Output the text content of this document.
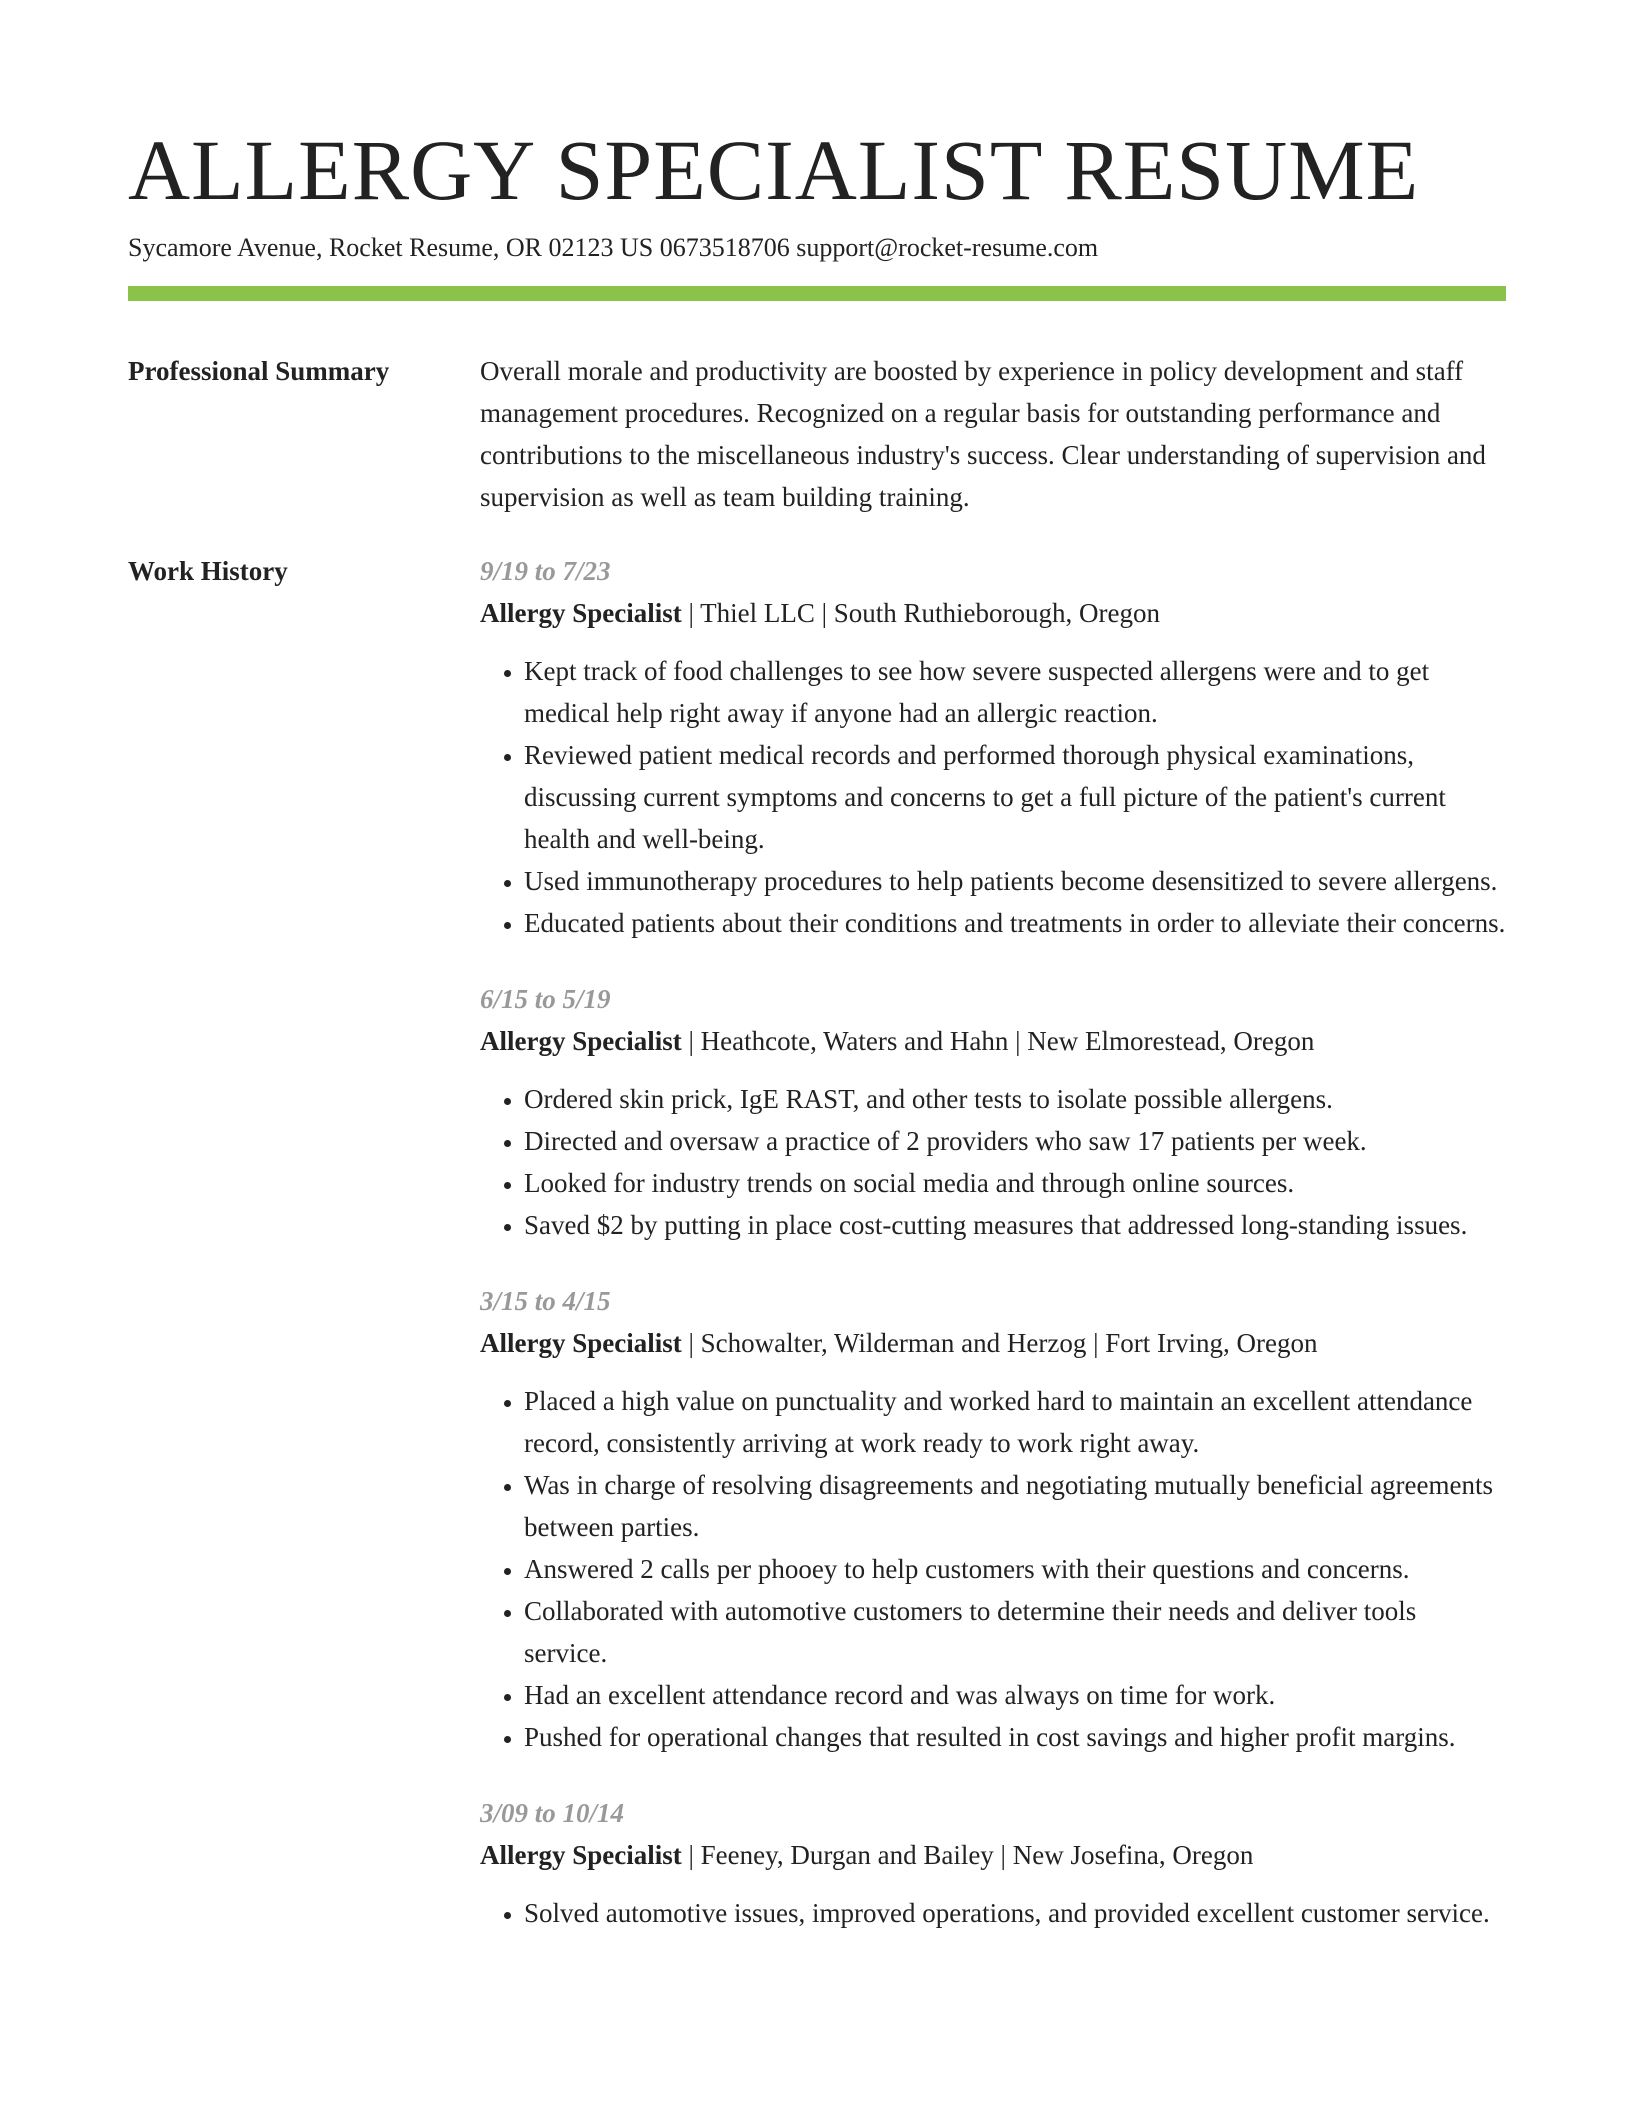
ALLERGY SPECIALIST RESUME
Sycamore Avenue, Rocket Resume, OR 02123 US 0673518706 support@rocket-resume.com
Professional Summary	Overall morale and productivity are boosted by experience in policy development and staff management procedures. Recognized on a regular basis for outstanding performance and contributions to the miscellaneous industry's success. Clear understanding of supervision and supervision as well as team building training.
Work History	9/19 to 7/23
Allergy Specialist | Thiel LLC | South Ruthieborough, Oregon
• Kept track of food challenges to see how severe suspected allergens were and to get medical help right away if anyone had an allergic reaction.
• Reviewed patient medical records and performed thorough physical examinations, discussing current symptoms and concerns to get a full picture of the patient's current health and well-being.
• Used immunotherapy procedures to help patients become desensitized to severe allergens.
• Educated patients about their conditions and treatments in order to alleviate their concerns.
6/15 to 5/19
Allergy Specialist | Heathcote, Waters and Hahn | New Elmorestead, Oregon
• Ordered skin prick, IgE RAST, and other tests to isolate possible allergens.
• Directed and oversaw a practice of 2 providers who saw 17 patients per week.
• Looked for industry trends on social media and through online sources.
• Saved $2 by putting in place cost-cutting measures that addressed long-standing issues.
3/15 to 4/15
Allergy Specialist | Schowalter, Wilderman and Herzog | Fort Irving, Oregon
• Placed a high value on punctuality and worked hard to maintain an excellent attendance record, consistently arriving at work ready to work right away.
• Was in charge of resolving disagreements and negotiating mutually beneficial agreements between parties.
• Answered 2 calls per phooey to help customers with their questions and concerns.
• Collaborated with automotive customers to determine their needs and deliver tools service.
• Had an excellent attendance record and was always on time for work.
• Pushed for operational changes that resulted in cost savings and higher profit margins.
3/09 to 10/14
Allergy Specialist | Feeney, Durgan and Bailey | New Josefina, Oregon
• Solved automotive issues, improved operations, and provided excellent customer service.
